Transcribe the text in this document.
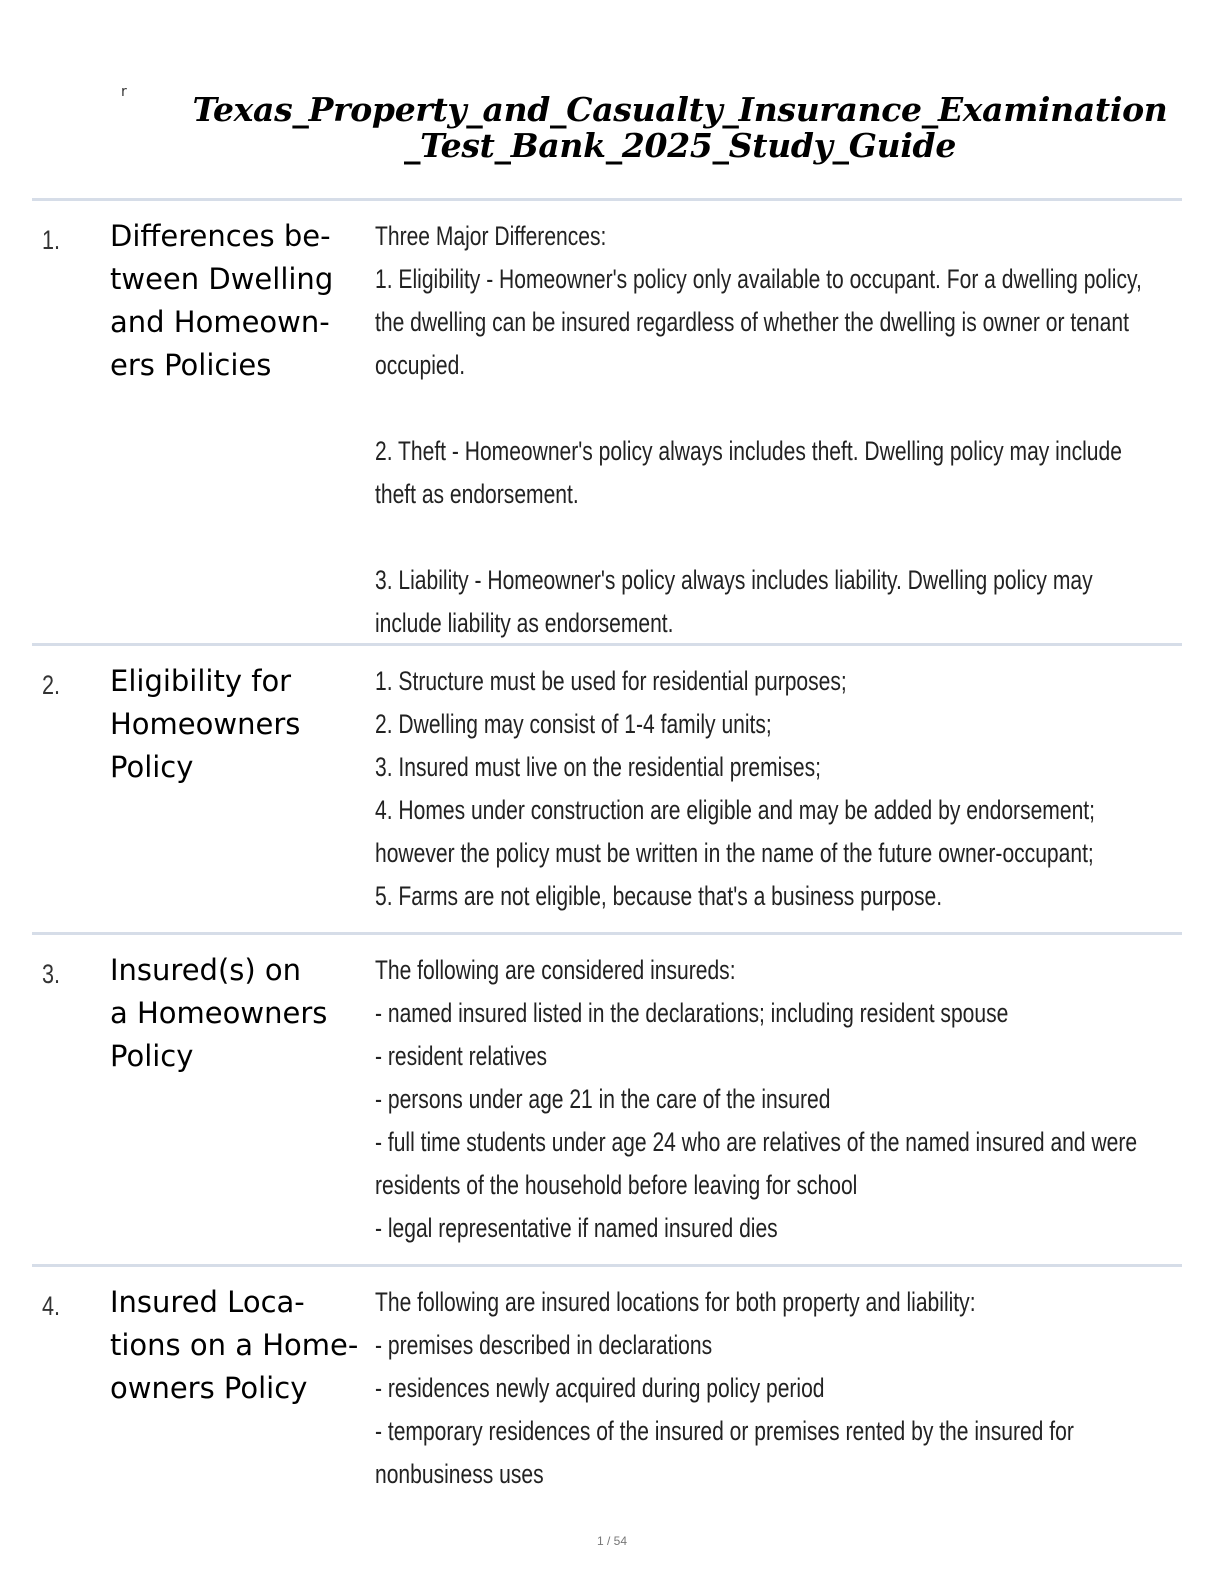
r	Texas_Property_and_Casualty_Insurance_Examination
_Test_Bank_2025_Study_Guide
1. Differences be-
tween Dwelling
and Homeown-
ers Policies
Three Major Differences:
1. Eligibility - Homeowner's policy only available to occupant. For a dwelling policy,
the dwelling can be insured regardless of whether the dwelling is owner or tenant
occupied.

2. Theft - Homeowner's policy always includes theft. Dwelling policy may include
theft as endorsement.

3. Liability - Homeowner's policy always includes liability. Dwelling policy may
include liability as endorsement.
2. Eligibility for
Homeowners
Policy
1. Structure must be used for residential purposes;
2. Dwelling may consist of 1-4 family units;
3. Insured must live on the residential premises;
4. Homes under construction are eligible and may be added by endorsement;
however the policy must be written in the name of the future owner-occupant;
5. Farms are not eligible, because that's a business purpose.
3. Insured(s) on
a Homeowners
Policy
The following are considered insureds:
- named insured listed in the declarations; including resident spouse
- resident relatives
- persons under age 21 in the care of the insured
- full time students under age 24 who are relatives of the named insured and were
residents of the household before leaving for school
- legal representative if named insured dies
4. Insured Loca-
tions on a Home-
owners Policy
The following are insured locations for both property and liability:
- premises described in declarations
- residences newly acquired during policy period
- temporary residences of the insured or premises rented by the insured for
nonbusiness uses
1 / 54
